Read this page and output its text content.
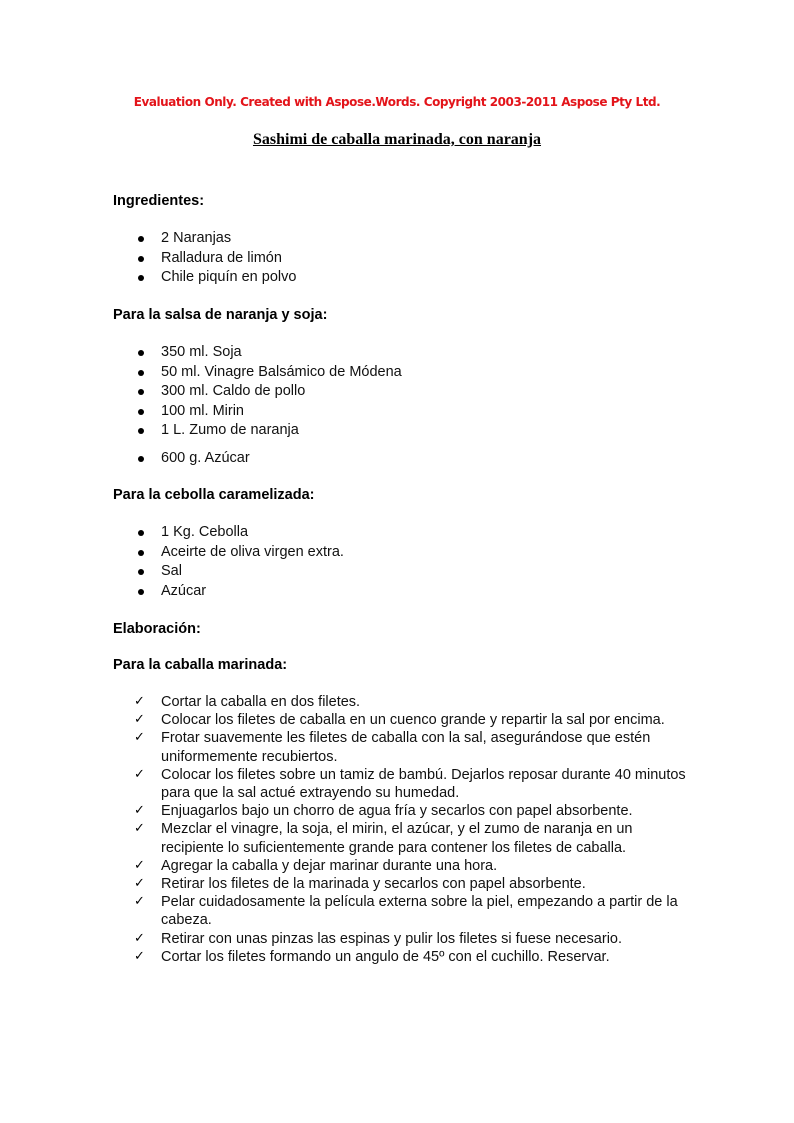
Evaluation Only. Created with Aspose.Words. Copyright 2003-2011 Aspose Pty Ltd.
Sashimi de caballa marinada, con naranja
Ingredientes:
2 Naranjas
Ralladura de limón
Chile piquín en polvo
Para la salsa de naranja y soja:
350 ml. Soja
50 ml. Vinagre Balsámico de Módena
300 ml. Caldo de pollo
100 ml. Mirin
1 L. Zumo de naranja
600 g. Azúcar
Para la cebolla caramelizada:
1 Kg. Cebolla
Aceirte de oliva virgen extra.
Sal
Azúcar
Elaboración:
Para la caballa marinada:
✓ Cortar la caballa en dos filetes.
✓ Colocar los filetes de caballa en un cuenco grande y repartir la sal por encima.
✓ Frotar suavemente les filetes de caballa con la sal, asegurándose que estén uniformemente recubiertos.
✓ Colocar los filetes sobre un tamiz de bambú. Dejarlos reposar durante 40 minutos para que la sal actué extrayendo su humedad.
✓ Enjuagarlos bajo un chorro de agua fría y secarlos con papel absorbente.
✓ Mezclar el vinagre, la soja, el mirin, el azúcar, y el zumo de naranja en un recipiente lo suficientemente grande para contener los filetes de caballa.
✓ Agregar la caballa y dejar marinar durante una hora.
✓ Retirar los filetes de la marinada y secarlos con papel absorbente.
✓ Pelar cuidadosamente la película externa sobre la piel, empezando a partir de la cabeza.
✓ Retirar con unas pinzas las espinas y pulir los filetes si fuese necesario.
✓ Cortar los filetes formando un angulo de 45º con el cuchillo. Reservar.
